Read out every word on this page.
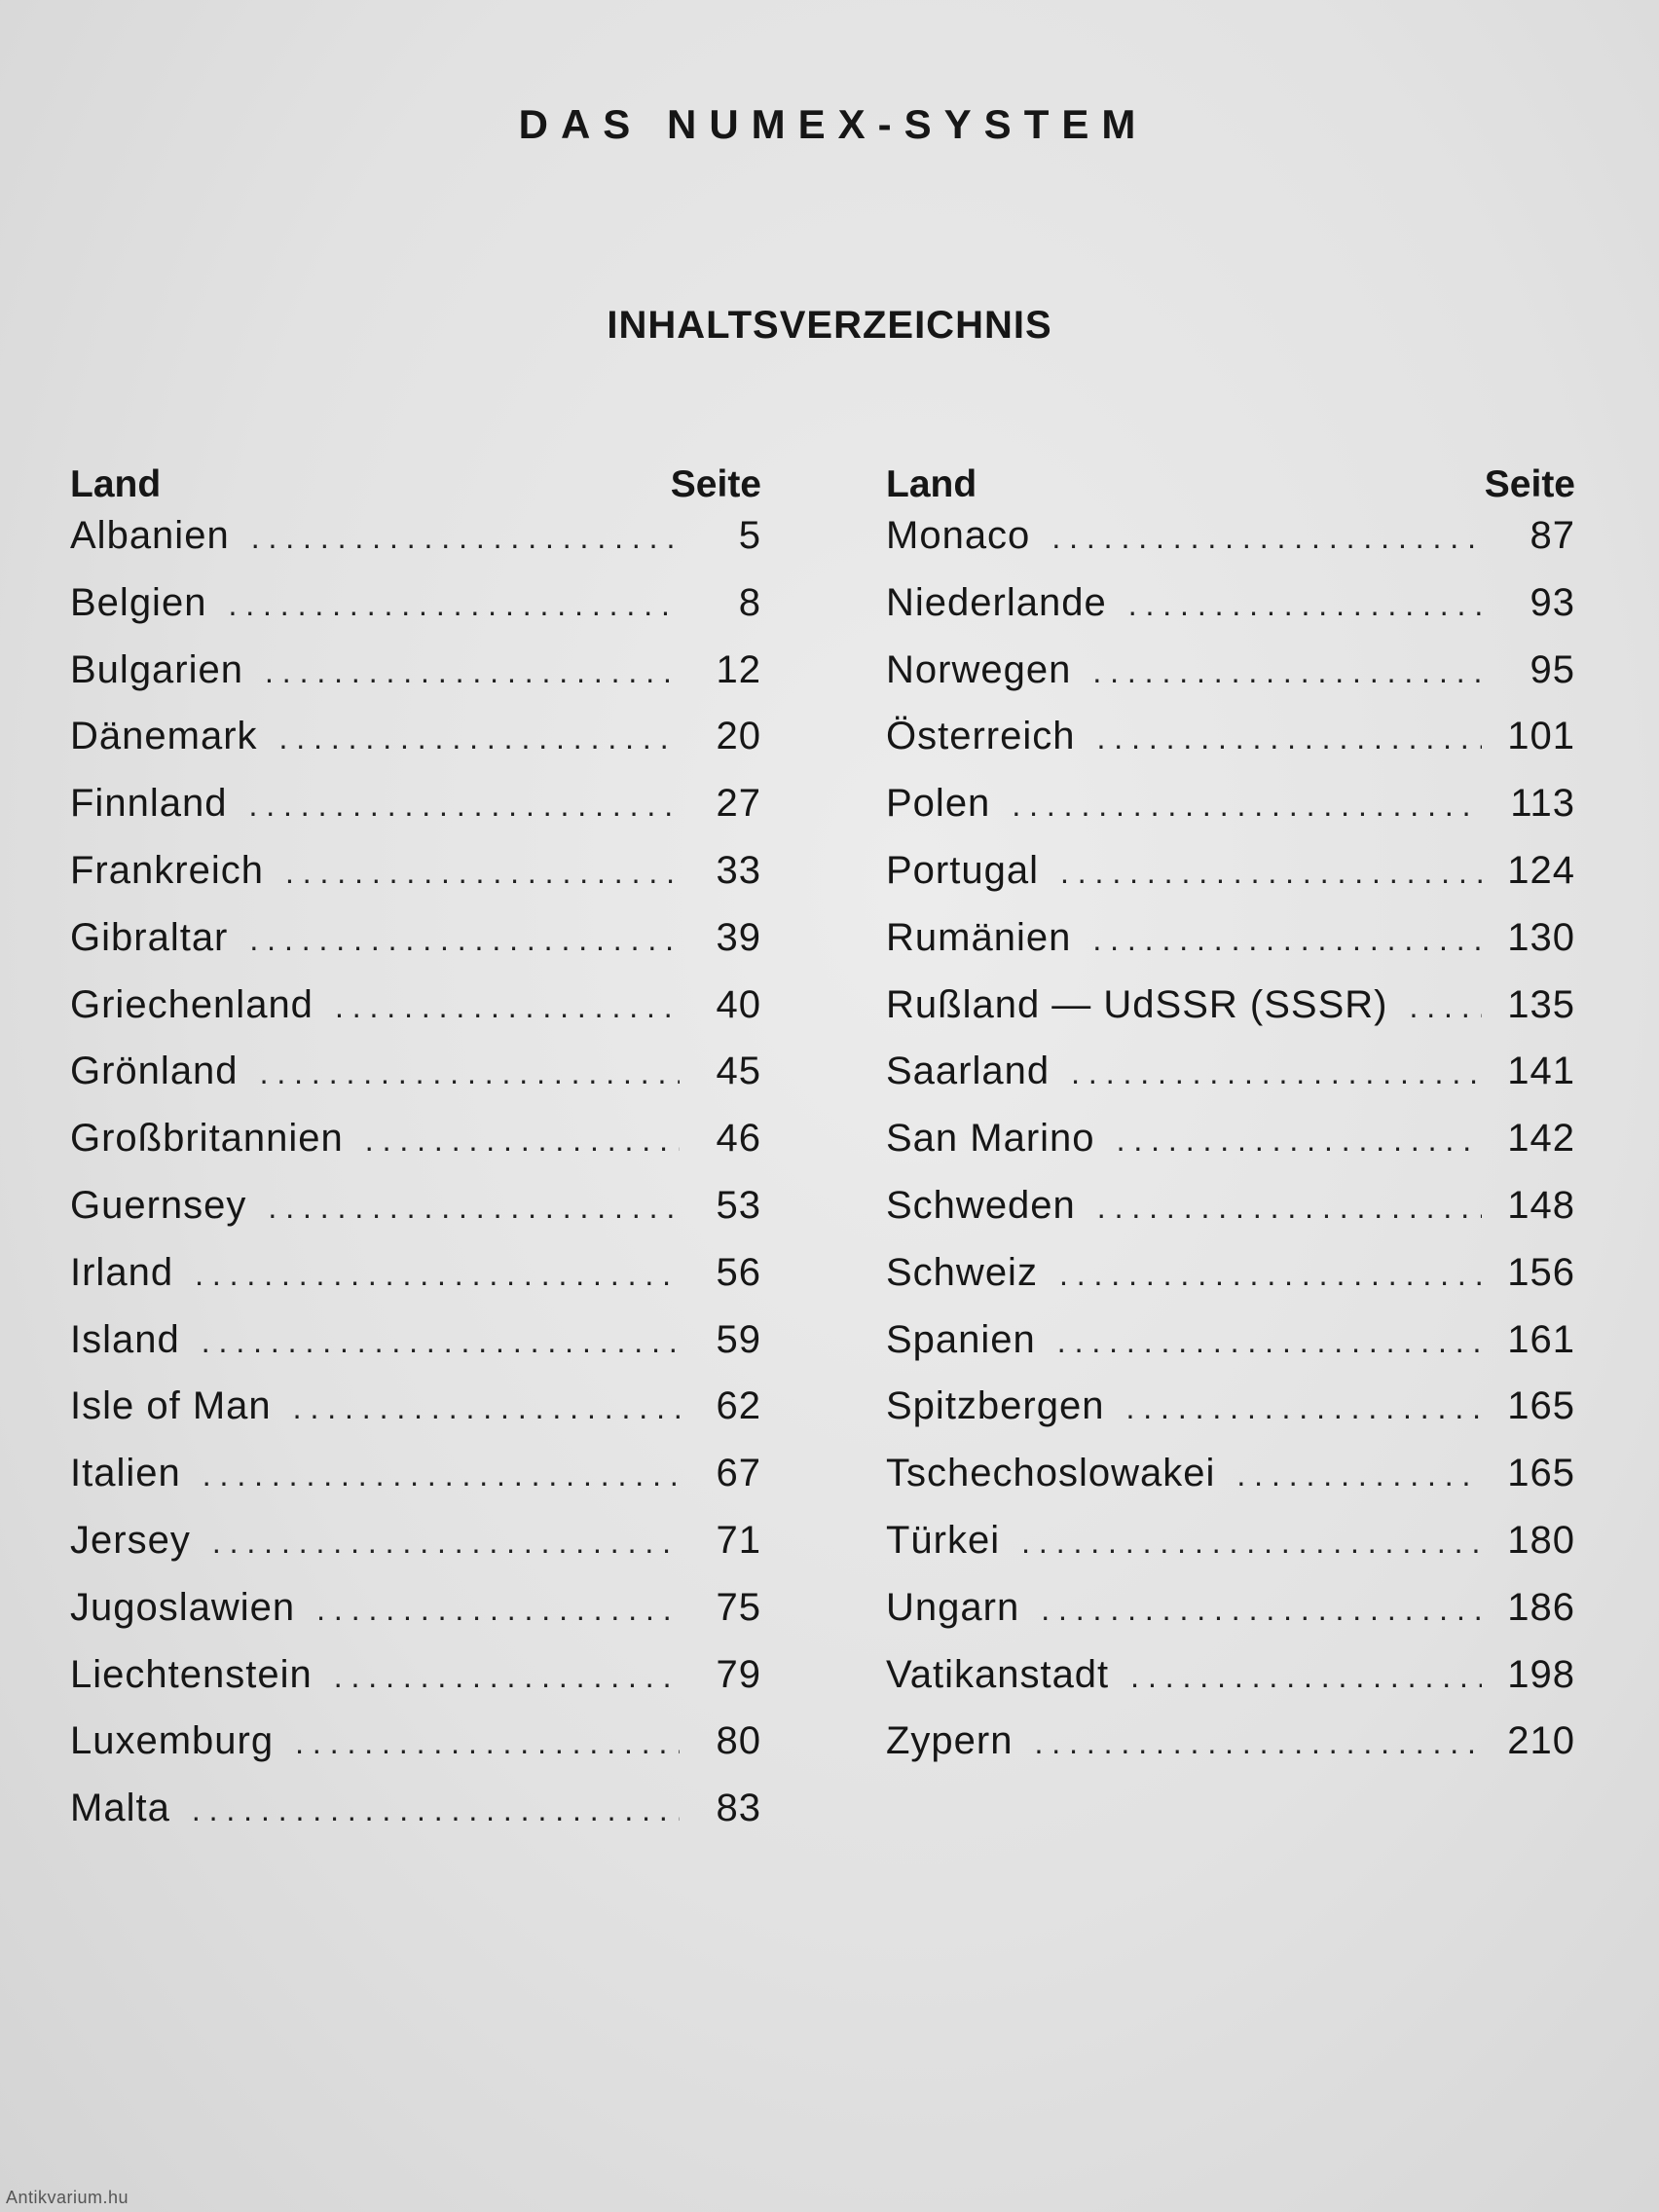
DAS NUMEX-SYSTEM
INHALTSVERZEICHNIS
Land	Seite
Albanien . . .	5
Belgien . . .	8
Bulgarien . . .	12
Dänemark . . .	20
Finnland . . .	27
Frankreich . . .	33
Gibraltar . . .	39
Griechenland . . .	40
Grönland . . .	45
Großbritannien . . .	46
Guernsey . . .	53
Irland . . .	56
Island . . .	59
Isle of Man . . .	62
Italien . . .	67
Jersey . . .	71
Jugoslawien . . .	75
Liechtenstein . . .	79
Luxemburg . . .	80
Malta . . .	83
Land	Seite
Monaco . . .	87
Niederlande . . .	93
Norwegen . . .	95
Österreich . . .	101
Polen . . .	113
Portugal . . .	124
Rumänien . . .	130
Rußland — UdSSR (SSSR) . . .	135
Saarland . . .	141
San Marino . . .	142
Schweden . . .	148
Schweiz . . .	156
Spanien . . .	161
Spitzbergen . . .	165
Tschechoslowakei . . .	165
Türkei . . .	180
Ungarn . . .	186
Vatikanstadt . . .	198
Zypern . . .	210
Antikvarium.hu
